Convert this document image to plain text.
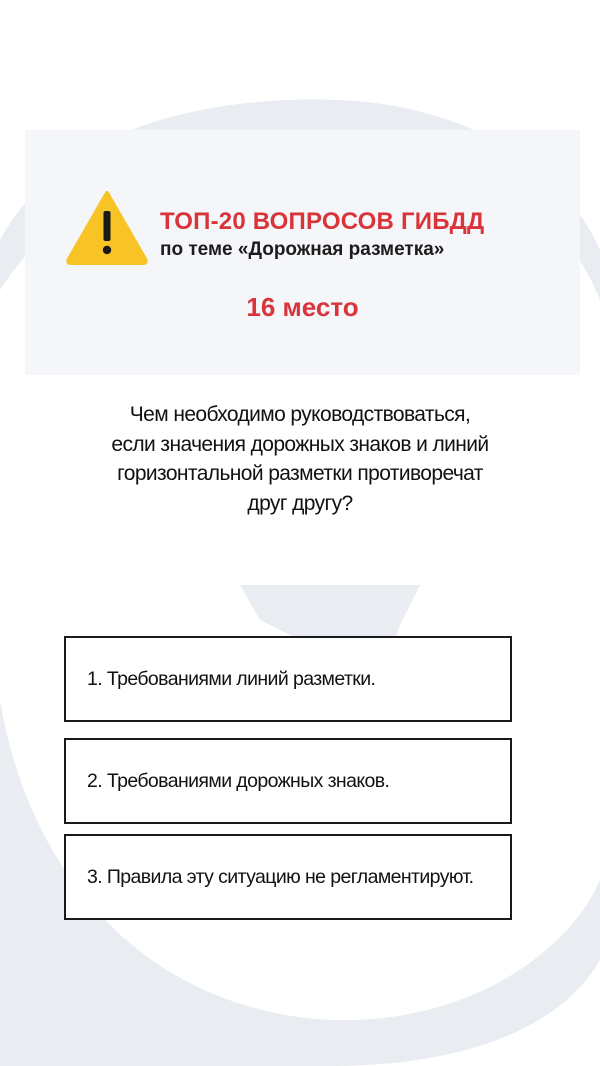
ТОП-20 ВОПРОСОВ ГИБДД
по теме «Дорожная разметка»
16 место
Чем необходимо руководствоваться,
если значения дорожных знаков и линий
горизонтальной разметки противоречат
друг другу?
1. Требованиями линий разметки.
2. Требованиями дорожных знаков.
3. Правила эту ситуацию не регламентируют.
